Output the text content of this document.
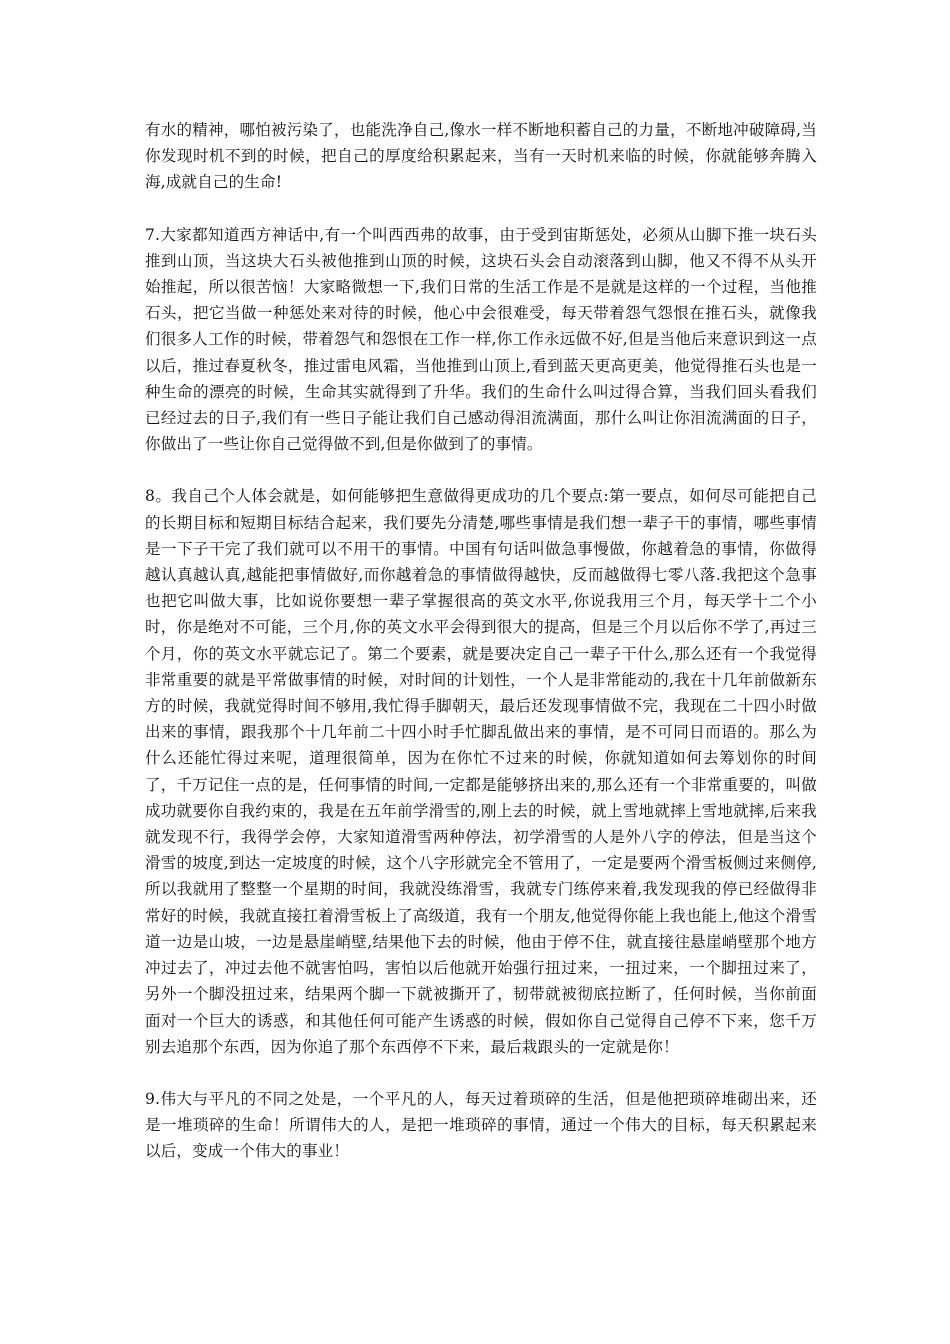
有水的精神，哪怕被污染了，也能洗净自己,像水一样不断地积蓄自己的力量，不断地冲破障碍,当你发现时机不到的时候，把自己的厚度给积累起来，当有一天时机来临的时候，你就能够奔腾入海,成就自己的生命!

7.大家都知道西方神话中,有一个叫西西弗的故事，由于受到宙斯惩处，必须从山脚下推一块石头推到山顶，当这块大石头被他推到山顶的时候，这块石头会自动滚落到山脚，他又不得不从头开始推起，所以很苦恼！大家略微想一下,我们日常的生活工作是不是就是这样的一个过程，当他推石头，把它当做一种惩处来对待的时候，他心中会很难受，每天带着怨气怨恨在推石头，就像我们很多人工作的时候，带着怨气和怨恨在工作一样,你工作永远做不好,但是当他后来意识到这一点以后，推过春夏秋冬，推过雷电风霜，当他推到山顶上,看到蓝天更高更美，他觉得推石头也是一种生命的漂亮的时候，生命其实就得到了升华。我们的生命什么叫过得合算，当我们回头看我们已经过去的日子,我们有一些日子能让我们自己感动得泪流满面，那什么叫让你泪流满面的日子，你做出了一些让你自己觉得做不到,但是你做到了的事情。

8。我自己个人体会就是，如何能够把生意做得更成功的几个要点:第一要点，如何尽可能把自己的长期目标和短期目标结合起来，我们要先分清楚,哪些事情是我们想一辈子干的事情，哪些事情是一下子干完了我们就可以不用干的事情。中国有句话叫做急事慢做，你越着急的事情，你做得越认真越认真,越能把事情做好,而你越着急的事情做得越快，反而越做得七零八落.我把这个急事也把它叫做大事，比如说你要想一辈子掌握很高的英文水平,你说我用三个月，每天学十二个小时，你是绝对不可能，三个月,你的英文水平会得到很大的提高，但是三个月以后你不学了,再过三个月，你的英文水平就忘记了。第二个要素，就是要决定自己一辈子干什么,那么还有一个我觉得非常重要的就是平常做事情的时候，对时间的计划性，一个人是非常能动的,我在十几年前做新东方的时候，我就觉得时间不够用,我忙得手脚朝天，最后还发现事情做不完，我现在二十四小时做出来的事情，跟我那个十几年前二十四小时手忙脚乱做出来的事情，是不可同日而语的。那么为什么还能忙得过来呢，道理很简单，因为在你忙不过来的时候，你就知道如何去筹划你的时间了，千万记住一点的是，任何事情的时间,一定都是能够挤出来的,那么还有一个非常重要的，叫做成功就要你自我约束的，我是在五年前学滑雪的,刚上去的时候，就上雪地就摔上雪地就摔,后来我就发现不行，我得学会停，大家知道滑雪两种停法，初学滑雪的人是外八字的停法，但是当这个滑雪的坡度,到达一定坡度的时候，这个八字形就完全不管用了，一定是要两个滑雪板侧过来侧停,所以我就用了整整一个星期的时间，我就没练滑雪，我就专门练停来着,我发现我的停已经做得非常好的时候，我就直接扛着滑雪板上了高级道，我有一个朋友,他觉得你能上我也能上,他这个滑雪道一边是山坡，一边是悬崖峭壁,结果他下去的时候，他由于停不住，就直接往悬崖峭壁那个地方冲过去了，冲过去他不就害怕吗，害怕以后他就开始强行扭过来，一扭过来，一个脚扭过来了，另外一个脚没扭过来，结果两个脚一下就被撕开了，韧带就被彻底拉断了，任何时候，当你前面面对一个巨大的诱惑，和其他任何可能产生诱惑的时候，假如你自己觉得自己停不下来，您千万别去追那个东西，因为你追了那个东西停不下来，最后栽跟头的一定就是你！

9.伟大与平凡的不同之处是，一个平凡的人，每天过着琐碎的生活，但是他把琐碎堆砌出来，还是一堆琐碎的生命！所谓伟大的人，是把一堆琐碎的事情，通过一个伟大的目标，每天积累起来以后，变成一个伟大的事业！
